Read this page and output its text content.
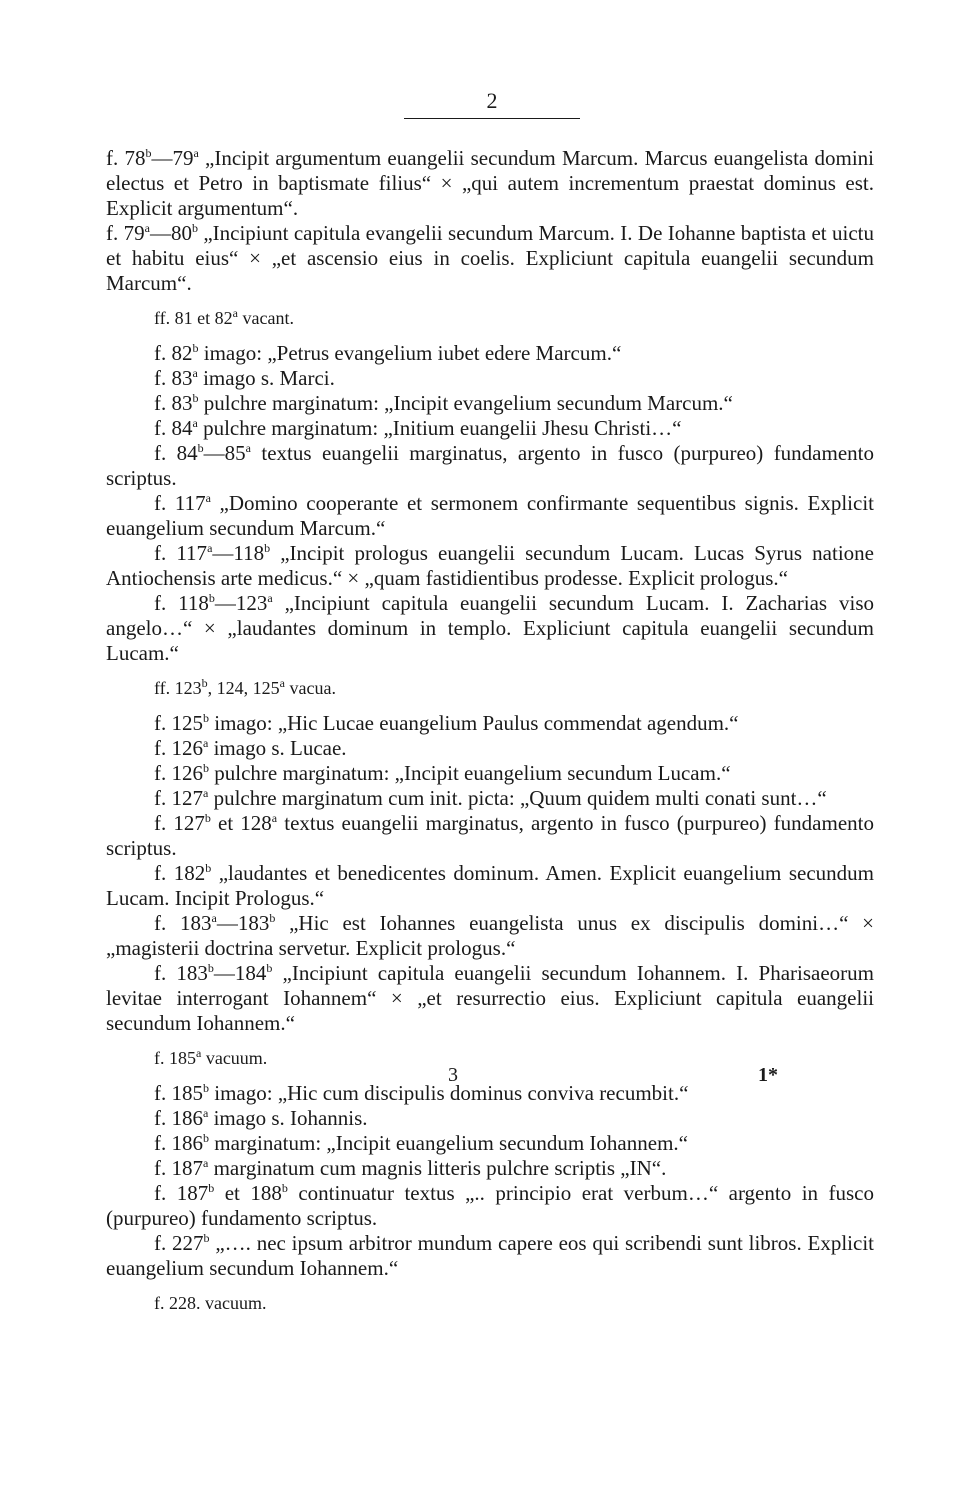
2

f. 78$^b$—79$^a$ „Incipit argumentum euangelii secundum Marcum. Marcus euangelista domini electus et Petro in baptismate filius“ × „qui autem incrementum praestat dominus est. Explicit argumentum“.

f. 79$^a$—80$^b$ „Incipiunt capitula evangelii secundum Marcum. I. De Iohanne baptista et uictu et habitu eius“ × „et ascensio eius in coelis. Expliciunt capitula euangelii secundum Marcum“.

ff. 81 et 82$^a$ vacant.

f. 82$^b$ imago: „Petrus evangelium iubet edere Marcum.“

f. 83$^a$ imago s. Marci.

f. 83$^b$ pulchre marginatum: „Incipit evangelium secundum Marcum.“

f. 84$^a$ pulchre marginatum: „Initium euangelii Jhesu Christi…“

f. 84$^b$—85$^a$ textus euangelii marginatus, argento in fusco (purpureo) fundamento scriptus.

f. 117$^a$ „Domino cooperante et sermonem confirmante sequentibus signis. Explicit euangelium secundum Marcum.“

f. 117$^a$—118$^b$ „Incipit prologus euangelii secundum Lucam. Lucas Syrus natione Antiochensis arte medicus.“ × „quam fastidientibus prodesse. Explicit prologus.“

f. 118$^b$—123$^a$ „Incipiunt capitula euangelii secundum Lucam. I. Zacharias viso angelo…“ × „laudantes dominum in templo. Expliciunt capitula euangelii secundum Lucam.“

ff. 123$^b$, 124, 125$^a$ vacua.

f. 125$^b$ imago: „Hic Lucae euangelium Paulus commendat agendum.“

f. 126$^a$ imago s. Lucae.

f. 126$^b$ pulchre marginatum: „Incipit euangelium secundum Lucam.“

f. 127$^a$ pulchre marginatum cum init. picta: „Quum quidem multi conati sunt…“

f. 127$^b$ et 128$^a$ textus euangelii marginatus, argento in fusco (purpureo) fundamento scriptus.

f. 182$^b$ „laudantes et benedicentes dominum. Amen. Explicit euangelium secundum Lucam. Incipit Prologus.“

f. 183$^a$—183$^b$ „Hic est Iohannes euangelista unus ex discipulis domini…“ × „magisterii doctrina servetur. Explicit prologus.“

f. 183$^b$—184$^b$ „Incipiunt capitula euangelii secundum Iohannem. I. Pharisaeorum levitae interrogant Iohannem“ × „et resurrectio eius. Expliciunt capitula euangelii secundum Iohannem.“

f. 185$^a$ vacuum.

f. 185$^b$ imago: „Hic cum discipulis dominus conviva recumbit.“

f. 186$^a$ imago s. Iohannis.

f. 186$^b$ marginatum: „Incipit euangelium secundum Iohannem.“

f. 187$^a$ marginatum cum magnis litteris pulchre scriptis „IN“.

f. 187$^b$ et 188$^b$ continuatur textus „.. principio erat verbum…“ argento in fusco (purpureo) fundamento scriptus.

f. 227$^b$ „…. nec ipsum arbitror mundum capere eos qui scribendi sunt libros. Explicit euangelium secundum Iohannem.“

f. 228. vacuum.

3	1*
